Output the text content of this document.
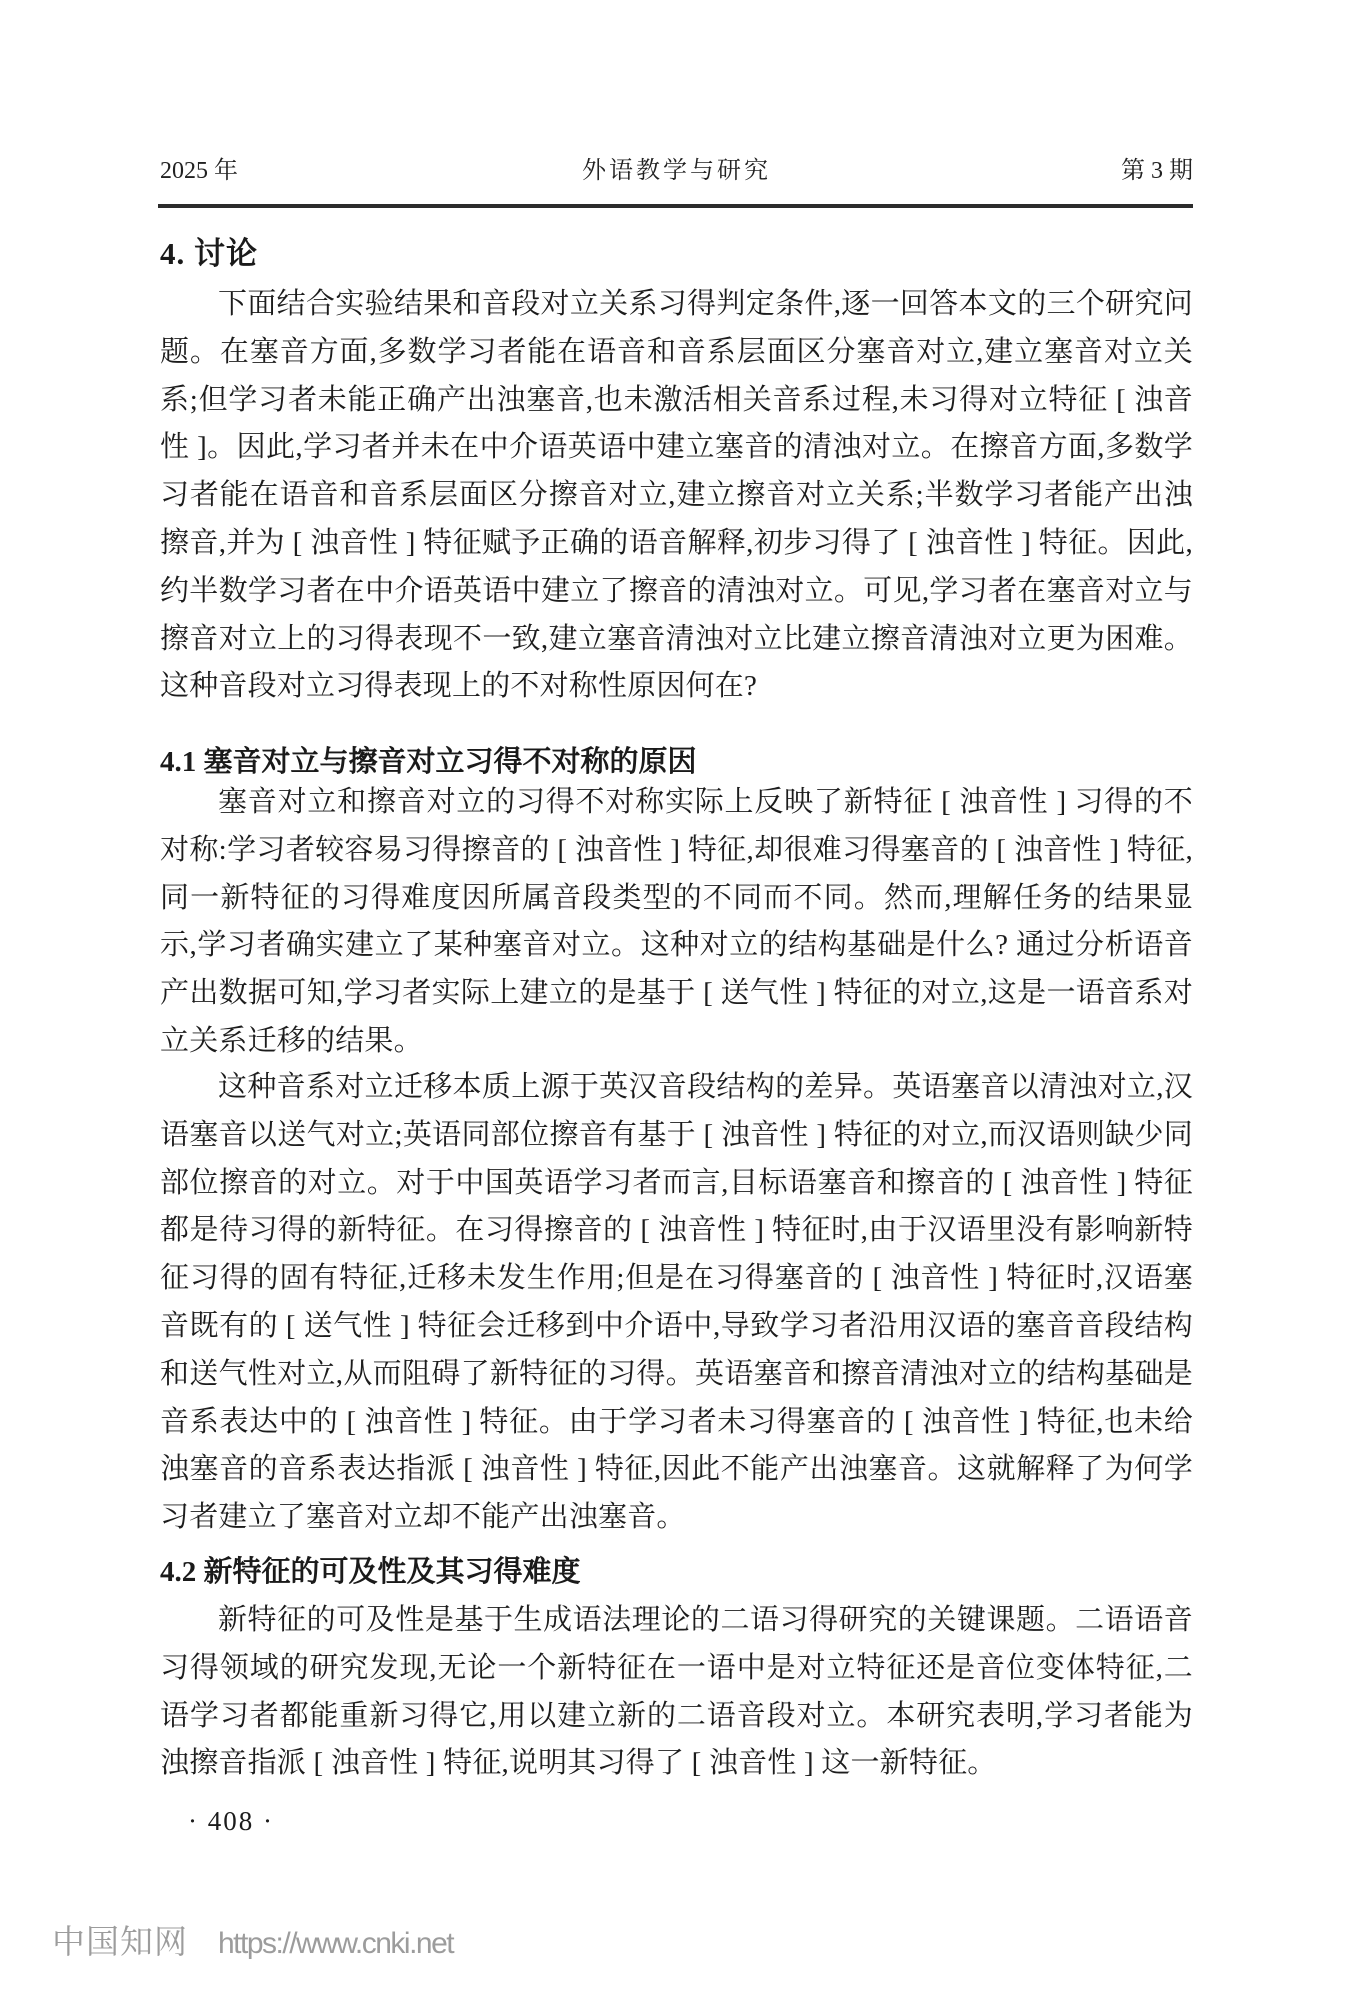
2025 年	外语教学与研究	第 3 期
4. 讨论
下面结合实验结果和音段对立关系习得判定条件,逐一回答本文的三个研究问题。在塞音方面,多数学习者能在语音和音系层面区分塞音对立,建立塞音对立关系;但学习者未能正确产出浊塞音,也未激活相关音系过程,未习得对立特征 [ 浊音性 ]。因此,学习者并未在中介语英语中建立塞音的清浊对立。在擦音方面,多数学习者能在语音和音系层面区分擦音对立,建立擦音对立关系;半数学习者能产出浊擦音,并为 [ 浊音性 ] 特征赋予正确的语音解释,初步习得了 [ 浊音性 ] 特征。因此,约半数学习者在中介语英语中建立了擦音的清浊对立。可见,学习者在塞音对立与擦音对立上的习得表现不一致,建立塞音清浊对立比建立擦音清浊对立更为困难。这种音段对立习得表现上的不对称性原因何在?
4.1 塞音对立与擦音对立习得不对称的原因
塞音对立和擦音对立的习得不对称实际上反映了新特征 [ 浊音性 ] 习得的不对称:学习者较容易习得擦音的 [ 浊音性 ] 特征,却很难习得塞音的 [ 浊音性 ] 特征,同一新特征的习得难度因所属音段类型的不同而不同。然而,理解任务的结果显示,学习者确实建立了某种塞音对立。这种对立的结构基础是什么? 通过分析语音产出数据可知,学习者实际上建立的是基于 [ 送气性 ] 特征的对立,这是一语音系对立关系迁移的结果。
这种音系对立迁移本质上源于英汉音段结构的差异。英语塞音以清浊对立,汉语塞音以送气对立;英语同部位擦音有基于 [ 浊音性 ] 特征的对立,而汉语则缺少同部位擦音的对立。对于中国英语学习者而言,目标语塞音和擦音的 [ 浊音性 ] 特征都是待习得的新特征。在习得擦音的 [ 浊音性 ] 特征时,由于汉语里没有影响新特征习得的固有特征,迁移未发生作用;但是在习得塞音的 [ 浊音性 ] 特征时,汉语塞音既有的 [ 送气性 ] 特征会迁移到中介语中,导致学习者沿用汉语的塞音音段结构和送气性对立,从而阻碍了新特征的习得。英语塞音和擦音清浊对立的结构基础是音系表达中的 [ 浊音性 ] 特征。由于学习者未习得塞音的 [ 浊音性 ] 特征,也未给浊塞音的音系表达指派 [ 浊音性 ] 特征,因此不能产出浊塞音。这就解释了为何学习者建立了塞音对立却不能产出浊塞音。
4.2 新特征的可及性及其习得难度
新特征的可及性是基于生成语法理论的二语习得研究的关键课题。二语语音习得领域的研究发现,无论一个新特征在一语中是对立特征还是音位变体特征,二语学习者都能重新习得它,用以建立新的二语音段对立。本研究表明,学习者能为浊擦音指派 [ 浊音性 ] 特征,说明其习得了 [ 浊音性 ] 这一新特征。
· 408 ·
中国知网 https://www.cnki.net
